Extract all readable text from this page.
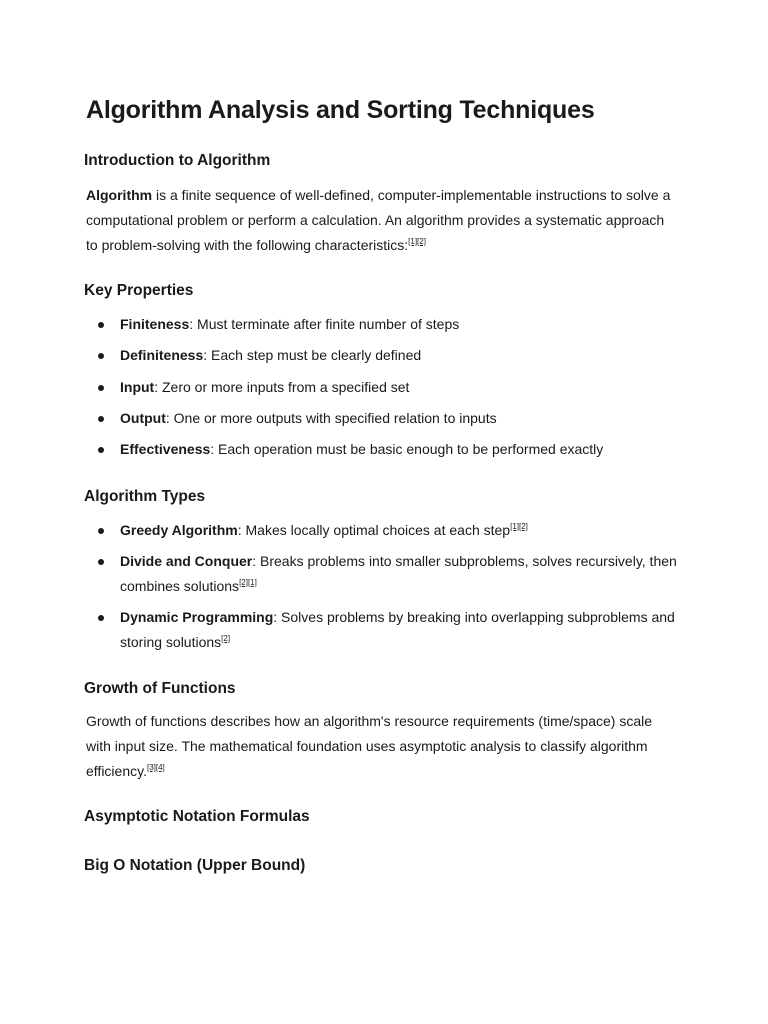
Algorithm Analysis and Sorting Techniques
Introduction to Algorithm

Algorithm is a finite sequence of well-defined, computer-implementable instructions to solve a
computational problem or perform a calculation. An algorithm provides a systematic approach
to problem-solving with the following characteristics:[1][2]

Key Properties
Finiteness: Must terminate after finite number of steps
Definiteness: Each step must be clearly defined
Input: Zero or more inputs from a specified set
Output: One or more outputs with specified relation to inputs
Effectiveness: Each operation must be basic enough to be performed exactly
Algorithm Types
Greedy Algorithm: Makes locally optimal choices at each step[1][2]
Divide and Conquer: Breaks problems into smaller subproblems, solves recursively, then
combines solutions[2][1]
Dynamic Programming: Solves problems by breaking into overlapping subproblems and
storing solutions[2]
Growth of Functions

Growth of functions describes how an algorithm's resource requirements (time/space) scale
with input size. The mathematical foundation uses asymptotic analysis to classify algorithm
efficiency.[3][4]

Asymptotic Notation Formulas
Big O Notation (Upper Bound)
